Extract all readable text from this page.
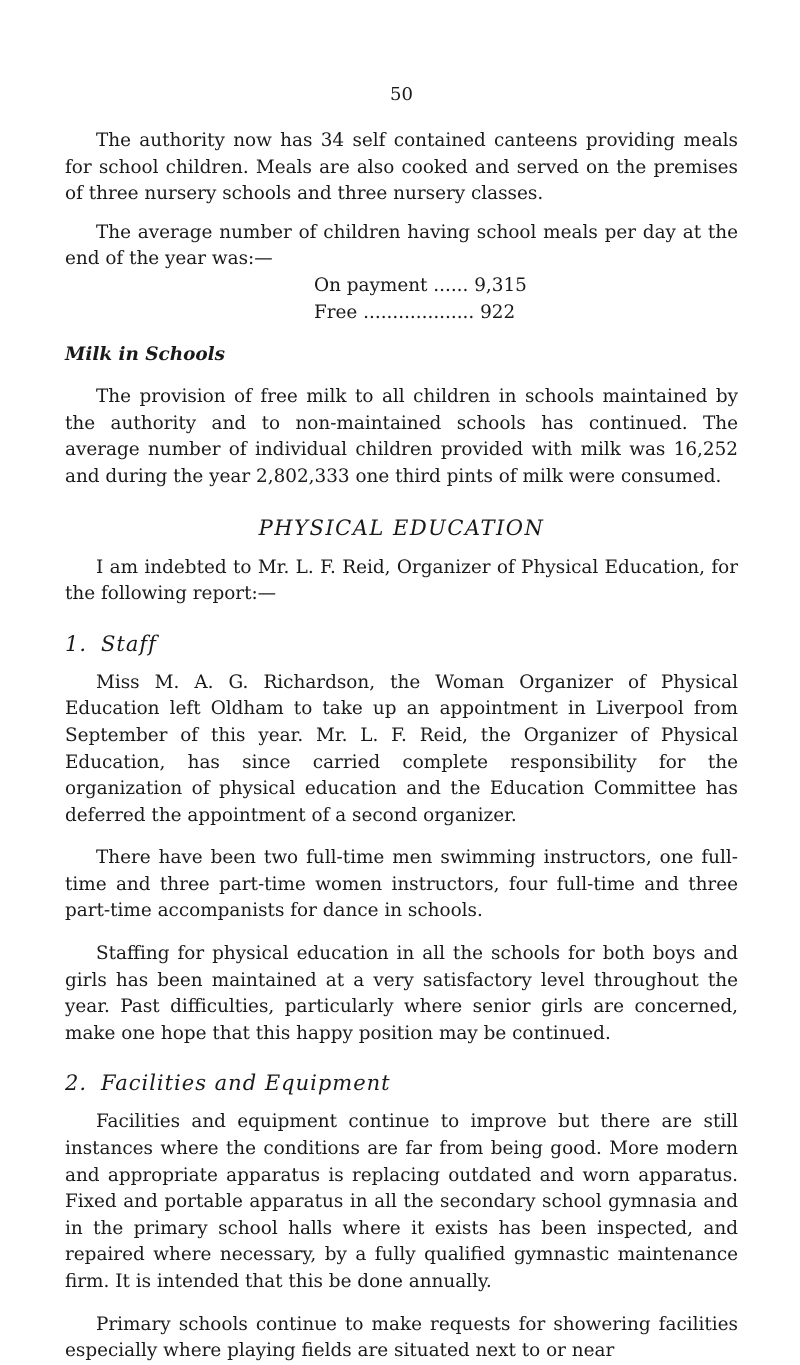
50

The authority now has 34 self contained canteens providing meals for school children. Meals are also cooked and served on the premises of three nursery schools and three nursery classes.

The average number of children having school meals per day at the end of the year was:—

On payment ...... 9,315
Free ................... 922
Milk in Schools

The provision of free milk to all children in schools maintained by the authority and to non-maintained schools has continued. The average number of individual children provided with milk was 16,252 and during the year 2,802,333 one third pints of milk were consumed.

PHYSICAL EDUCATION

I am indebted to Mr. L. F. Reid, Organizer of Physical Education, for the following report:—

1. Staff

Miss M. A. G. Richardson, the Woman Organizer of Physical Education left Oldham to take up an appointment in Liverpool from September of this year. Mr. L. F. Reid, the Organizer of Physical Education, has since carried complete responsibility for the organization of physical education and the Education Committee has deferred the appointment of a second organizer.

There have been two full-time men swimming instructors, one full-time and three part-time women instructors, four full-time and three part-time accompanists for dance in schools.

Staffing for physical education in all the schools for both boys and girls has been maintained at a very satisfactory level throughout the year. Past difficulties, particularly where senior girls are concerned, make one hope that this happy position may be continued.

2. Facilities and Equipment

Facilities and equipment continue to improve but there are still instances where the conditions are far from being good. More modern and appropriate apparatus is replacing outdated and worn apparatus. Fixed and portable apparatus in all the secondary school gymnasia and in the primary school halls where it exists has been inspected, and repaired where necessary, by a fully qualified gymnastic maintenance firm. It is intended that this be done annually.

Primary schools continue to make requests for showering facilities especially where playing fields are situated next to or near
